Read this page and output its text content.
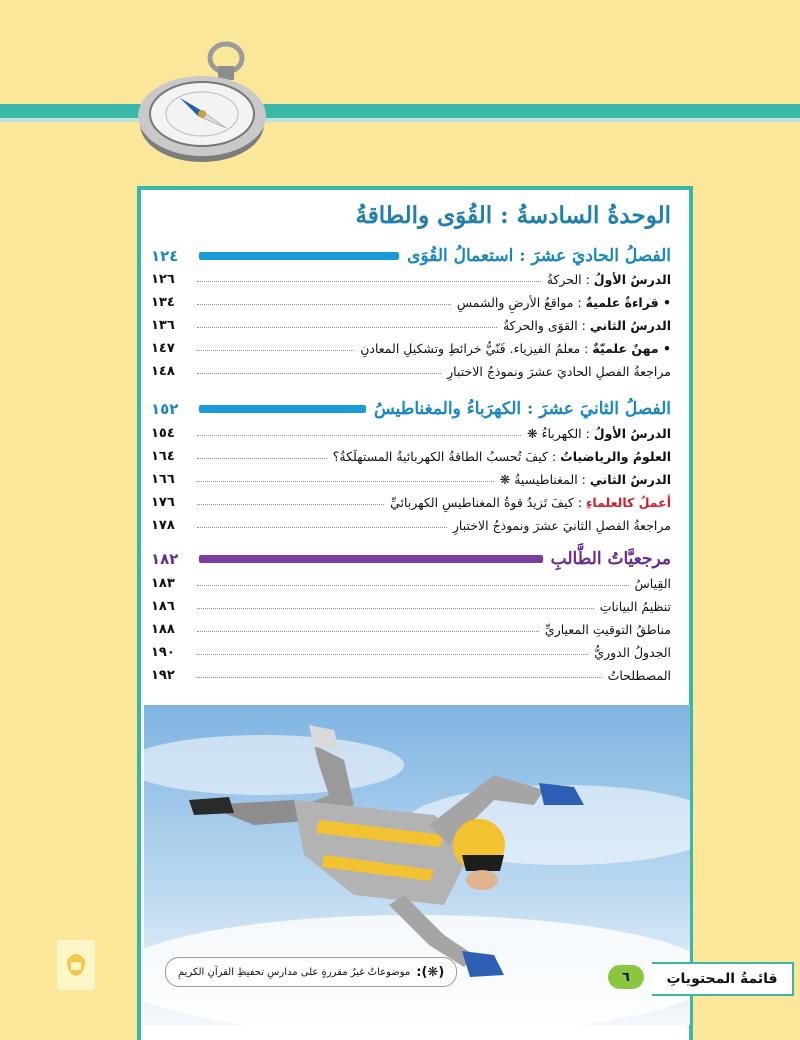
الوحدةُ السادسةُ : القُوَى والطاقةُ
الفصلُ الحاديَ عشرَ : استعمالُ القُوَى
١٢٤
الدرسُ الأولُ : الحركةُ
١٢٦
• قراءةٌ علميةٌ : مواقعُ الأرضِ والشمسِ
١٣٤
الدرسُ الثاني : القوَى والحركةُ
١٣٦
• مهنٌ علميّةٌ : معلمُ الفيزياء. فَنّيُّ خرائطِ وتشكيلِ المعادنِ
١٤٧
مراجعةُ الفصلِ الحاديَ عشرَ ونموذجُ الاختبارِ
١٤٨
الفصلُ الثانيَ عشرَ : الكهرَباءُ والمغناطيسُ
١٥٢
الدرسُ الأولُ : الكهرباءُ ❋
١٥٤
العلومُ والرياضياتُ : كيفَ تُحسبُ الطاقةُ الكهربائيةُ المستهلَكةُ؟
١٦٤
الدرسُ الثاني : المغناطيسيةُ ❋
١٦٦
أعملُ كالعلماءِ : كيفَ تَزيدُ قوةُ المغناطيسِ الكهربائيِّ
١٧٦
مراجعةُ الفصلِ الثانيَ عشرَ ونموذجُ الاختبارِ
١٧٨
مرجعيَّاتُ الطَّالبِ
١٨٢
القِياسُ
١٨٣
تنظيمُ البياناتِ
١٨٦
مناطقُ التوقيتِ المعياريِّ
١٨٨
الجدولُ الدوريُّ
١٩٠
المصطلحاتُ
١٩٢
(❋):
موضوعاتٌ غيرُ مقررةٍ على مدارسِ تحفيظِ القرآنِ الكريمِ	٦	قائمةُ المحتوياتِ
